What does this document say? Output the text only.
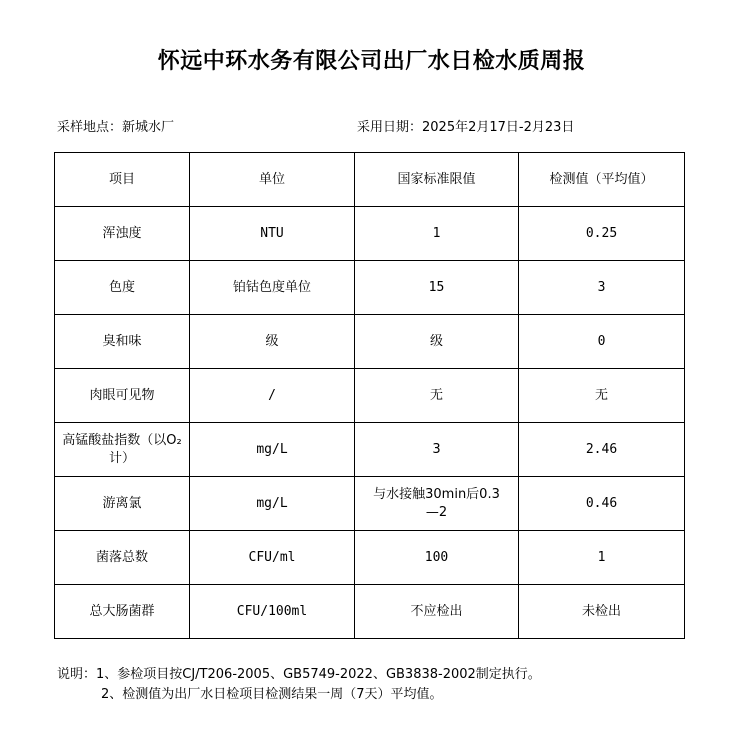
怀远中环水务有限公司出厂水日检水质周报
采样地点：新城水厂	采用日期：2025年2月17日-2月23日
项目	单位	国家标准限值	检测值（平均值）
浑浊度	NTU	1	0.25
色度	铂钴色度单位	15	3
臭和味	级	级	0
肉眼可见物	/	无	无
高锰酸盐指数（以O₂计）	mg/L	3	2.46
游离氯	mg/L	与水接触30min后0.3—2	0.46
菌落总数	CFU/ml	100	1
总大肠菌群	CFU/100ml	不应检出	未检出
说明：1、参检项目按CJ/T206-2005、GB5749-2022、GB3838-2002制定执行。
2、检测值为出厂水日检项目检测结果一周（7天）平均值。
